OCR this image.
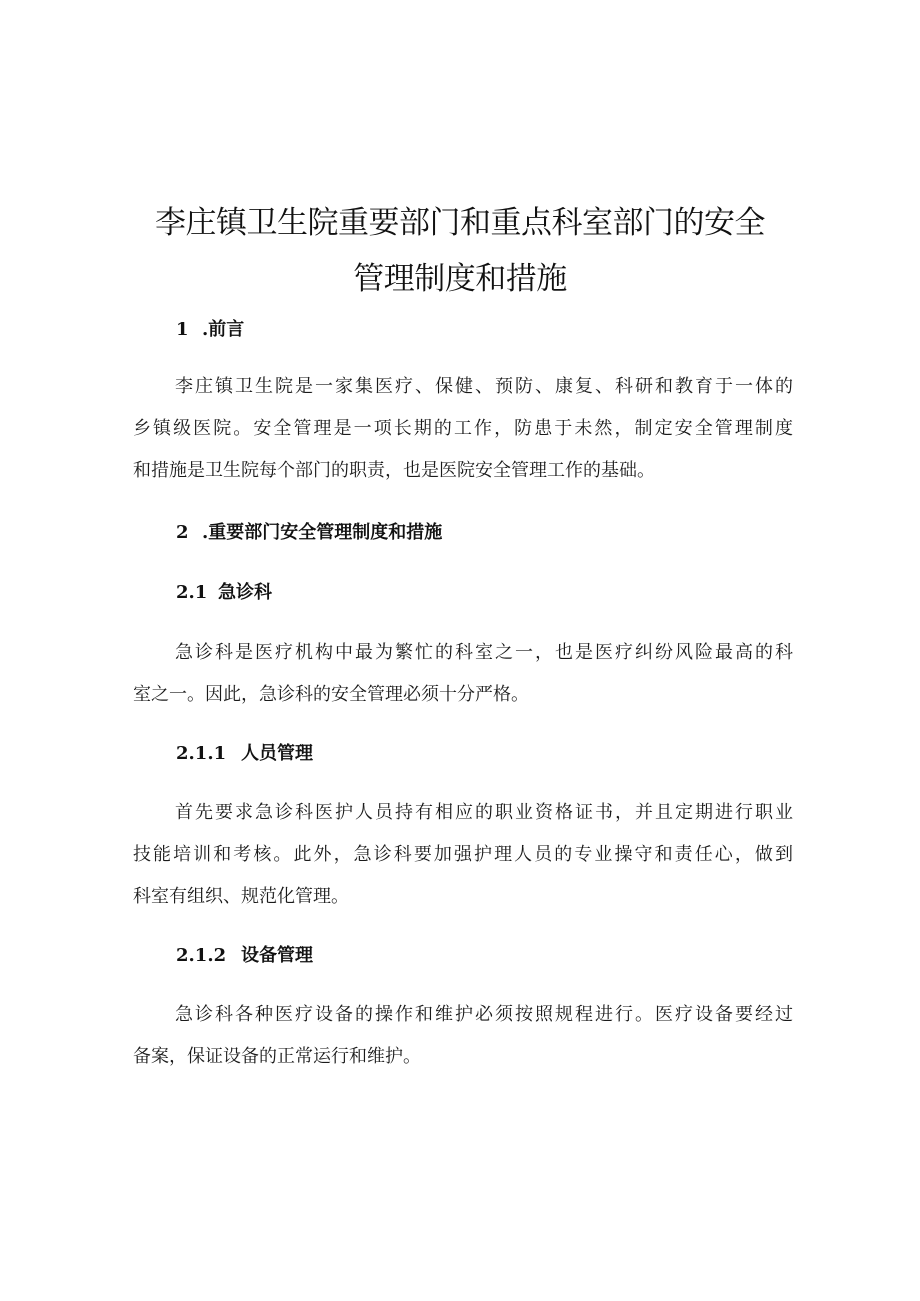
李庄镇卫生院重要部门和重点科室部门的安全
管理制度和措施
1 .前言
李庄镇卫生院是一家集医疗、保健、预防、康复、科研和教育于一体的
乡镇级医院。安全管理是一项长期的工作，防患于未然，制定安全管理制度
和措施是卫生院每个部门的职责，也是医院安全管理工作的基础。
2 .重要部门安全管理制度和措施
2.1 急诊科
急诊科是医疗机构中最为繁忙的科室之一，也是医疗纠纷风险最高的科
室之一。因此，急诊科的安全管理必须十分严格。
2.1.1 人员管理
首先要求急诊科医护人员持有相应的职业资格证书，并且定期进行职业
技能培训和考核。此外，急诊科要加强护理人员的专业操守和责任心，做到
科室有组织、规范化管理。
2.1.2 设备管理
急诊科各种医疗设备的操作和维护必须按照规程进行。医疗设备要经过
备案，保证设备的正常运行和维护。
